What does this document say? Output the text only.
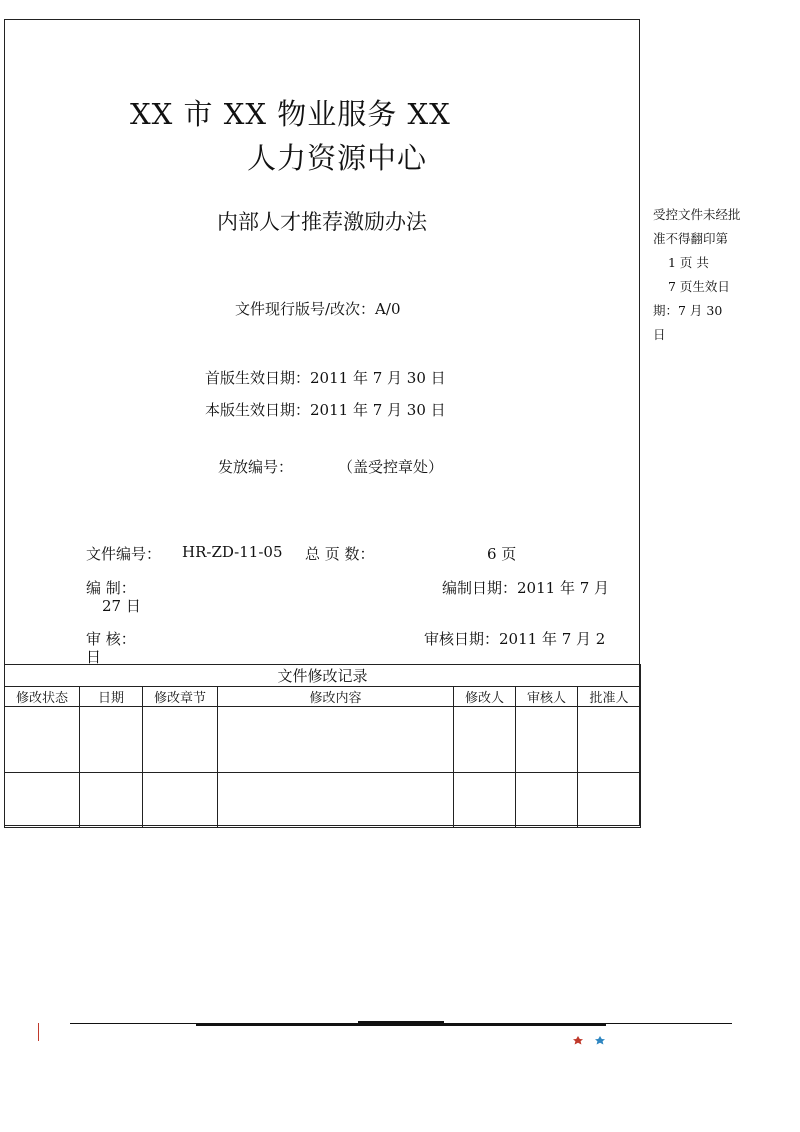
XX 市 XX 物业服务 XX
人力资源中心
内部人才推荐激励办法
文件现行版号/改次：A/0
首版生效日期：2011 年 7 月 30 日
本版生效日期：2011 年 7 月 30 日
发放编号：	（盖受控章处）
文件编号： HR-ZD-11-05 总 页 数：	6 页
编 制：	编制日期：2011 年 7 月
27 日
审 核：	审核日期：2011 年 7 月 2
日
受控文件未经批
准不得翻印第
1 页 共
7 页生效日
期：7 月 30
日
文件修改记录						
修改状态	日期	修改章节	修改内容	修改人	审核人	批准人
